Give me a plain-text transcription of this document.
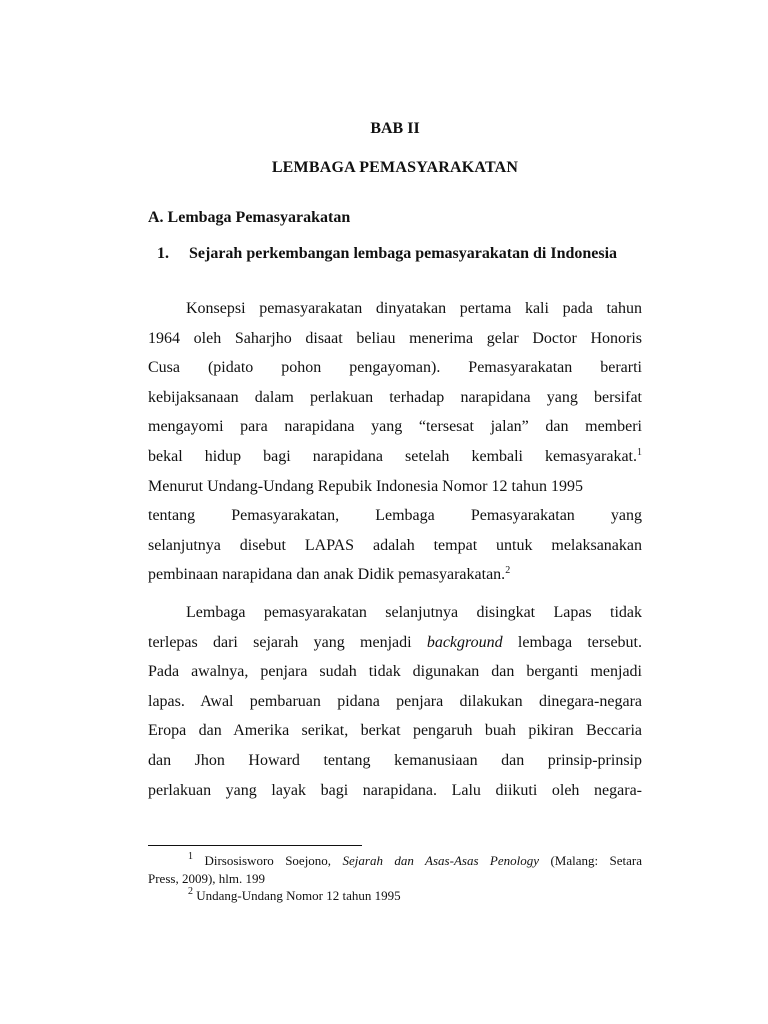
BAB II
LEMBAGA PEMASYARAKATAN
A. Lembaga Pemasyarakatan
1. Sejarah perkembangan lembaga pemasyarakatan di Indonesia
Konsepsi pemasyarakatan dinyatakan pertama kali pada tahun
1964 oleh Saharjho disaat beliau menerima gelar Doctor Honoris
Cusa (pidato pohon pengayoman). Pemasyarakatan berarti
kebijaksanaan dalam perlakuan terhadap narapidana yang bersifat
mengayomi para narapidana yang “tersesat jalan” dan memberi
bekal hidup bagi narapidana setelah kembali kemasyarakat.$^1$
Menurut Undang-Undang Repubik Indonesia Nomor 12 tahun 1995
tentang Pemasyarakatan, Lembaga Pemasyarakatan yang
selanjutnya disebut LAPAS adalah tempat untuk melaksanakan
pembinaan narapidana dan anak Didik pemasyarakatan.$^2$
Lembaga pemasyarakatan selanjutnya disingkat Lapas tidak
terlepas dari sejarah yang menjadi background lembaga tersebut.
Pada awalnya, penjara sudah tidak digunakan dan berganti menjadi
lapas. Awal pembaruan pidana penjara dilakukan dinegara-negara
Eropa dan Amerika serikat, berkat pengaruh buah pikiran Beccaria
dan Jhon Howard tentang kemanusiaan dan prinsip-prinsip
perlakuan yang layak bagi narapidana. Lalu diikuti oleh negara-
$^1$ Dirsosisworo Soejono, Sejarah dan Asas-Asas Penology (Malang: Setara
Press, 2009), hlm. 199
$^2$ Undang-Undang Nomor 12 tahun 1995
